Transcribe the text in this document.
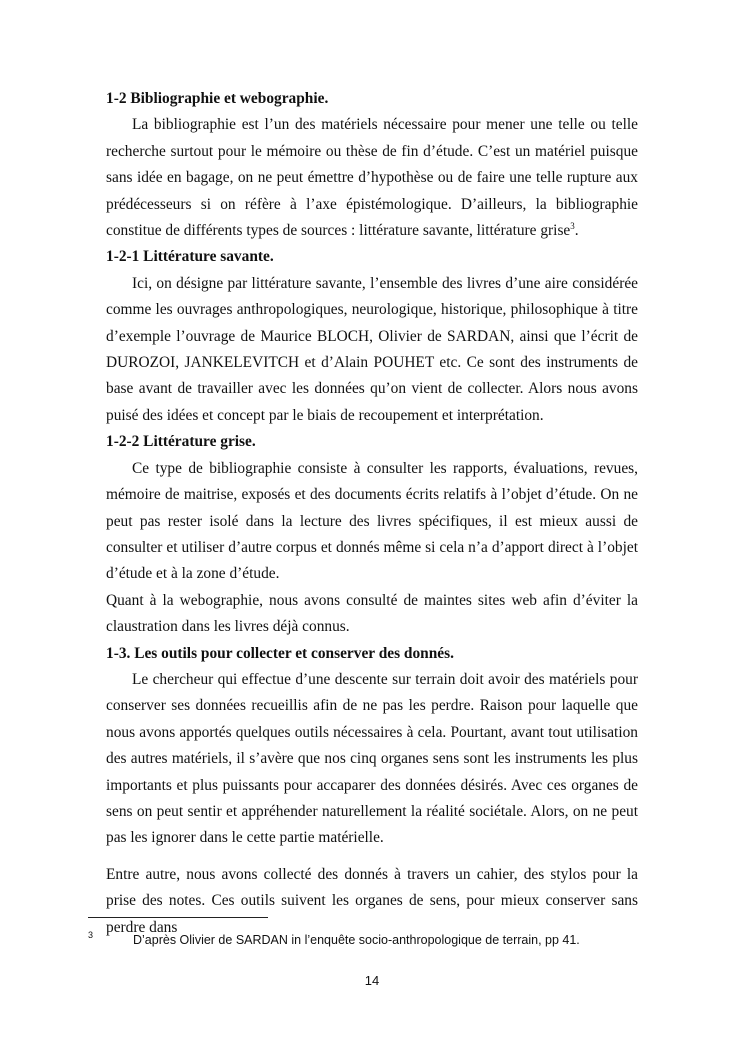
1-2 Bibliographie et webographie.

La bibliographie est l’un des matériels nécessaire pour mener une telle ou telle recherche surtout pour le mémoire ou thèse de fin d’étude. C’est un matériel puisque sans idée en bagage, on ne peut émettre d’hypothèse ou de faire une telle rupture aux prédécesseurs si on réfère à l’axe épistémologique. D’ailleurs, la bibliographie constitue de différents types de sources : littérature savante, littérature grise$^3$.

1-2-1 Littérature savante.

Ici, on désigne par littérature savante, l’ensemble des livres d’une aire considérée comme les ouvrages anthropologiques, neurologique, historique, philosophique à titre d’exemple l’ouvrage de Maurice BLOCH, Olivier de SARDAN, ainsi que l’écrit de DUROZOI, JANKELEVITCH et d’Alain POUHET etc. Ce sont des instruments de base avant de travailler avec les données qu’on vient de collecter. Alors nous avons puisé des idées et concept par le biais de recoupement et interprétation.

1-2-2 Littérature grise.

Ce type de bibliographie consiste à consulter les rapports, évaluations, revues, mémoire de maitrise, exposés et des documents écrits relatifs à l’objet d’étude. On ne peut pas rester isolé dans la lecture des livres spécifiques, il est mieux aussi de consulter et utiliser d’autre corpus et donnés même si cela n’a d’apport direct à l’objet d’étude et à la zone d’étude.

Quant à la webographie, nous avons consulté de maintes sites web afin d’éviter la claustration dans les livres déjà connus.

1-3. Les outils pour collecter et conserver des donnés.

Le chercheur qui effectue d’une descente sur terrain doit avoir des matériels pour conserver ses données recueillis afin de ne pas les perdre. Raison pour laquelle que nous avons apportés quelques outils nécessaires à cela. Pourtant, avant tout utilisation des autres matériels, il s’avère que nos cinq organes sens sont les instruments les plus importants et plus puissants pour accaparer des données désirés. Avec ces organes de sens on peut sentir et appréhender naturellement la réalité sociétale. Alors, on ne peut pas les ignorer dans le cette partie matérielle.

Entre autre, nous avons collecté des donnés à travers un cahier, des stylos pour la prise des notes. Ces outils suivent les organes de sens, pour mieux conserver sans perdre dans

3	D’après Olivier de SARDAN in l’enquête socio-anthropologique de terrain, pp 41.
14
